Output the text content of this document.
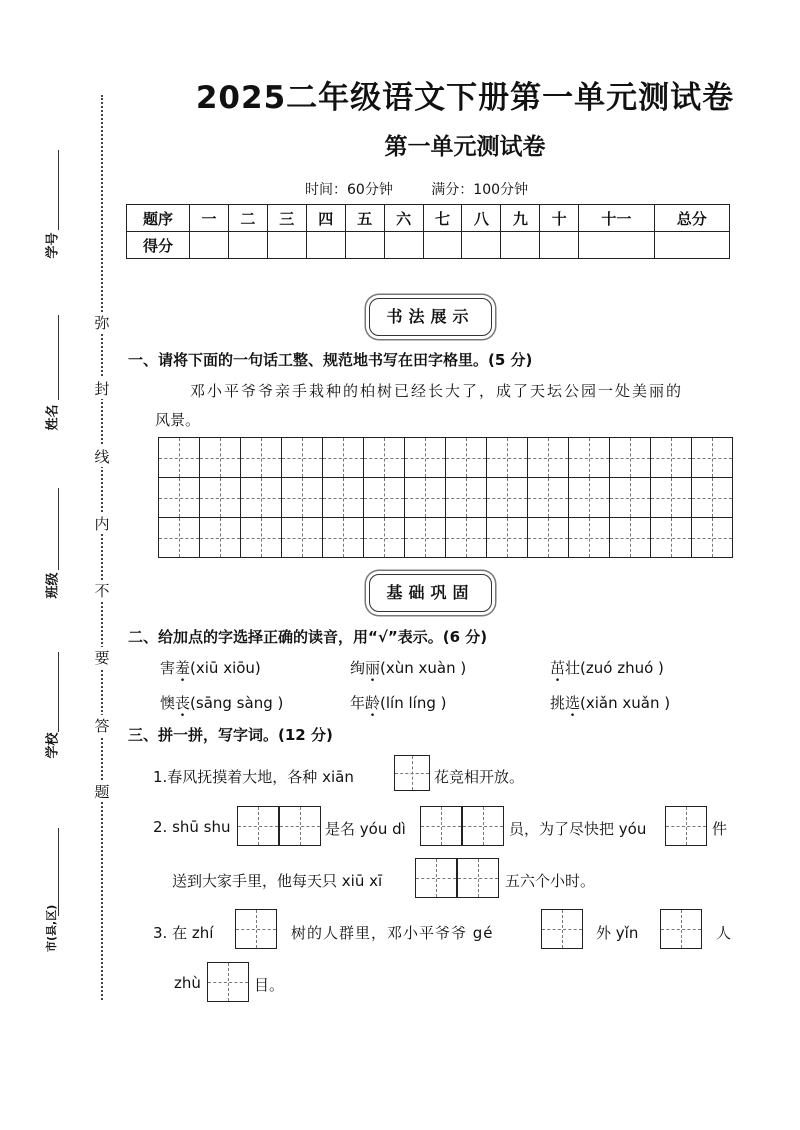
学号
姓名
班级
学校
市(县,区)
弥
封
线
内
不
要
答
题
2025二年级语文下册第一单元测试卷
第一单元测试卷
时间：60分钟	满分：100分钟
题序	一	二	三	四	五	六	七	八	九	十	十一	总分
得分												
书法展示
一、请将下面的一句话工整、规范地书写在田字格里。(5 分)
邓小平爷爷亲手栽种的柏树已经长大了，成了天坛公园一处美丽的
风景。
基础巩固
二、给加点的字选择正确的读音，用“√”表示。(6 分)
害羞(xiū xiōu)	绚丽(xùn xuàn )	茁壮(zuó zhuó )
懊丧(sāng sàng )	年龄(lín líng )	挑选(xiǎn xuǎn )
三、拼一拼，写字词。(12 分)
1.春风抚摸着大地，各种 xiān	花竞相开放。
2. shū shu	是名 yóu dì	员，为了尽快把 yóu	件
送到大家手里，他每天只 xiū xī	五六个小时。
3. 在 zhí	树的人群里，邓小平爷爷 gé	外 yǐn	人
zhù	目。
